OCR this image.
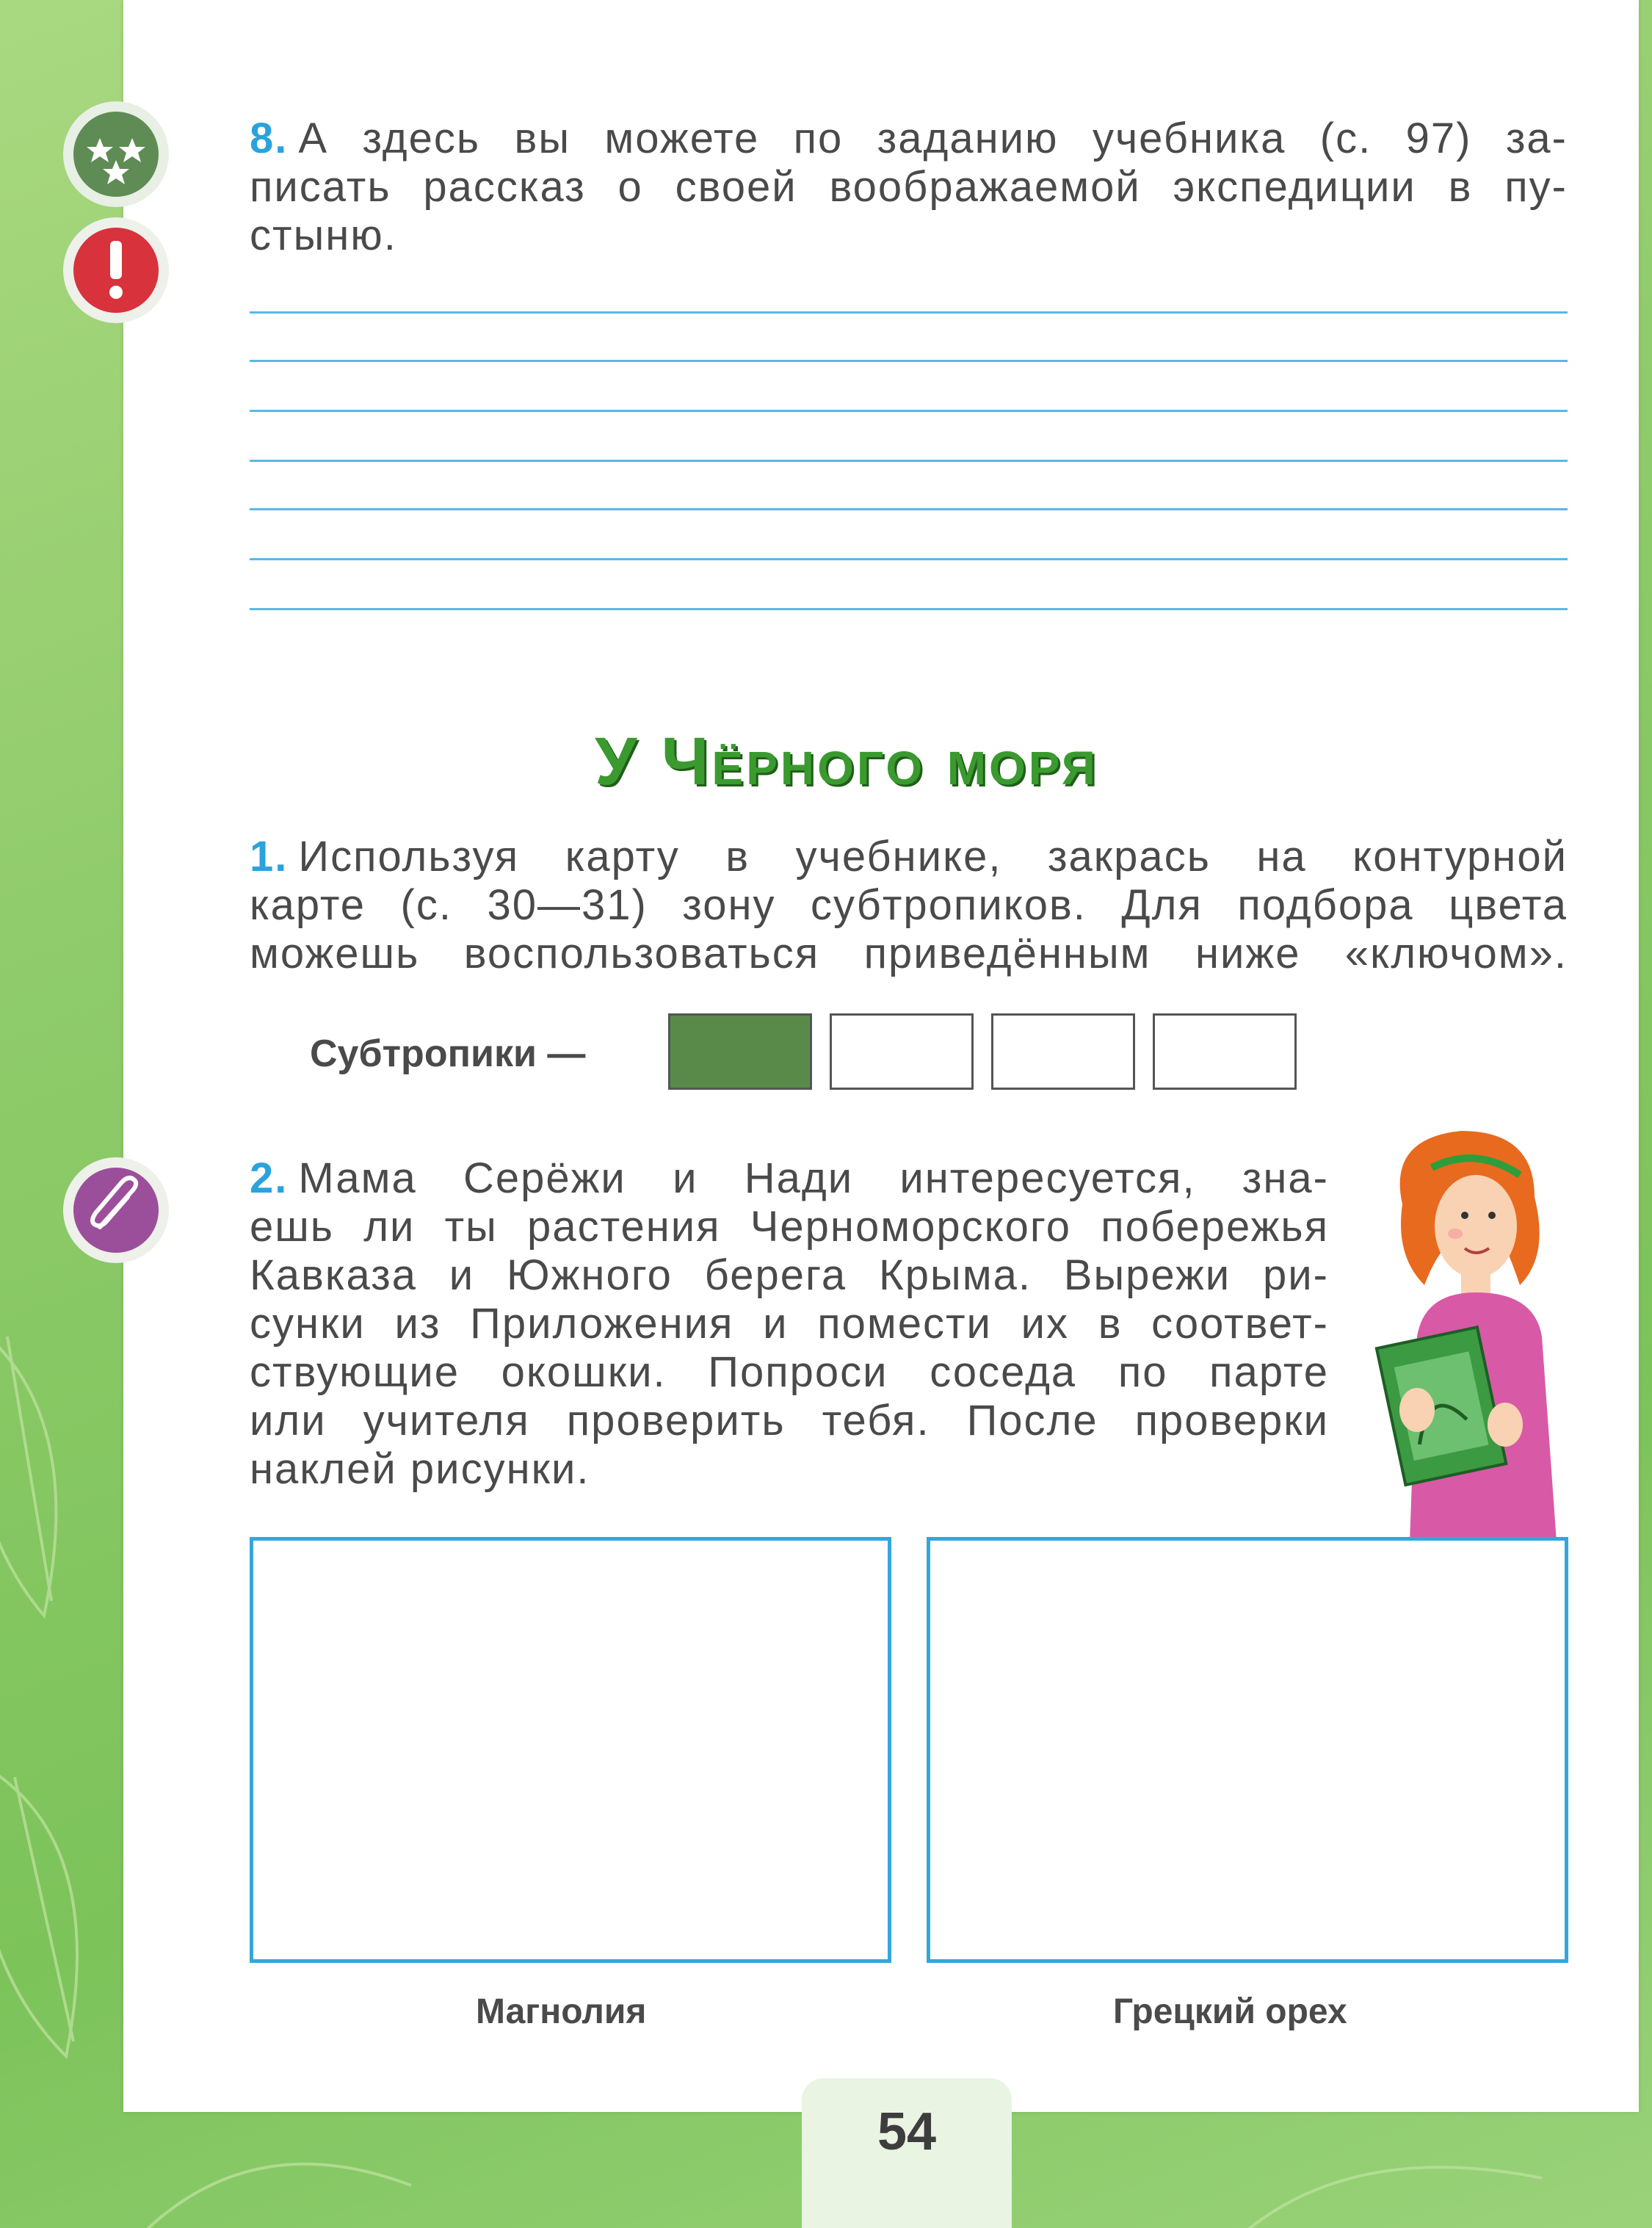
8. А здесь вы можете по заданию учебника (с. 97) за-
писать рассказ о своей воображаемой экспедиции в пу-
стыню.
У Чёрного моря
1. Используя карту в учебнике, закрась на контурной
карте (с. 30—31) зону субтропиков. Для подбора цвета
можешь воспользоваться приведённым ниже «ключом».
Субтропики —
2. Мама Серёжи и Нади интересуется, зна-
ешь ли ты растения Черноморского побережья
Кавказа и Южного берега Крыма. Вырежи ри-
сунки из Приложения и помести их в соответ-
ствующие окошки. Попроси соседа по парте
или учителя проверить тебя. После проверки
наклей рисунки.
Магнолия	Грецкий орех
54
